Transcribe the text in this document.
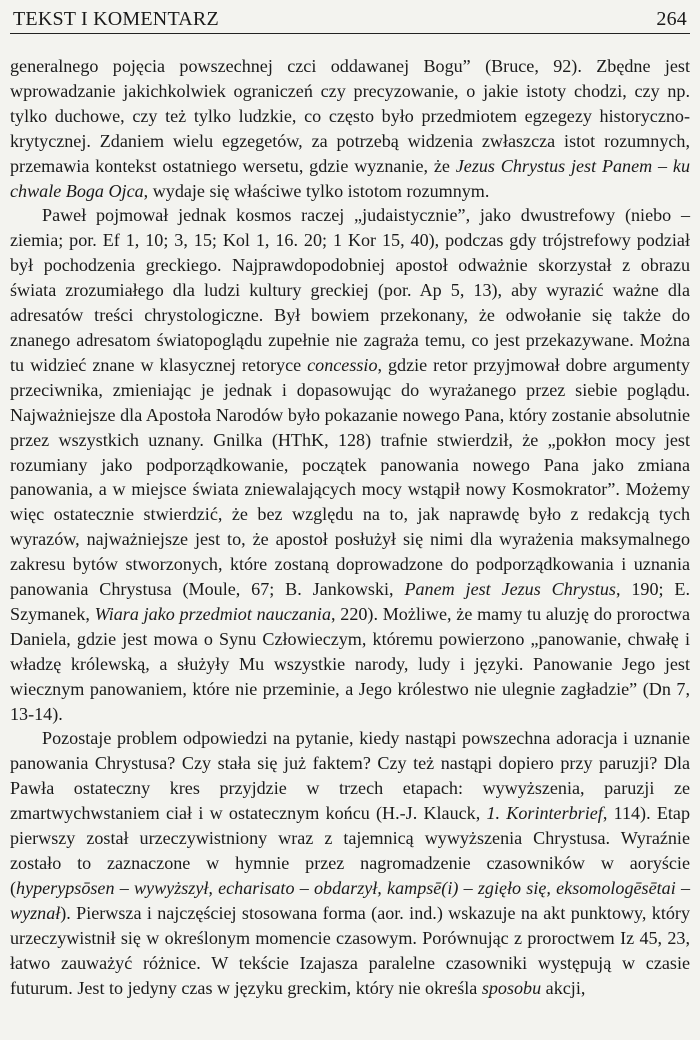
TEKST I KOMENTARZ	264

generalnego pojęcia powszechnej czci oddawanej Bogu” (Bruce, 92). Zbędne jest wprowadzanie jakichkolwiek ograniczeń czy precyzowanie, o jakie istoty chodzi, czy np. tylko duchowe, czy też tylko ludzkie, co często było przedmiotem egzegezy historyczno-krytycznej. Zdaniem wielu egzegetów, za potrzebą widzenia zwłaszcza istot rozumnych, przemawia kontekst ostatniego wersetu, gdzie wyznanie, że Jezus Chrystus jest Panem – ku chwale Boga Ojca, wydaje się właściwe tylko istotom rozumnym.

Paweł pojmował jednak kosmos raczej „judaistycznie”, jako dwustrefowy (niebo – ziemia; por. Ef 1, 10; 3, 15; Kol 1, 16. 20; 1 Kor 15, 40), podczas gdy trójstrefowy podział był pochodzenia greckiego. Najprawdopodobniej apostoł odważnie skorzystał z obrazu świata zrozumiałego dla ludzi kultury greckiej (por. Ap 5, 13), aby wyrazić ważne dla adresatów treści chrystologiczne. Był bowiem przekonany, że odwołanie się także do znanego adresatom światopoglądu zupełnie nie zagraża temu, co jest przekazywane. Można tu widzieć znane w klasycznej retoryce concessio, gdzie retor przyjmował dobre argumenty przeciwnika, zmieniając je jednak i dopasowując do wyrażanego przez siebie poglądu. Najważniejsze dla Apostoła Narodów było pokazanie nowego Pana, który zostanie absolutnie przez wszystkich uznany. Gnilka (HThK, 128) trafnie stwierdził, że „pokłon mocy jest rozumiany jako podporządkowanie, początek panowania nowego Pana jako zmiana panowania, a w miejsce świata zniewalających mocy wstąpił nowy Kosmokrator”. Możemy więc ostatecznie stwierdzić, że bez względu na to, jak naprawdę było z redakcją tych wyrazów, najważniejsze jest to, że apostoł posłużył się nimi dla wyrażenia maksymalnego zakresu bytów stworzonych, które zostaną doprowadzone do podporządkowania i uznania panowania Chrystusa (Moule, 67; B. Jankowski, Panem jest Jezus Chrystus, 190; E. Szymanek, Wiara jako przedmiot nauczania, 220). Możliwe, że mamy tu aluzję do proroctwa Daniela, gdzie jest mowa o Synu Człowieczym, któremu powierzono „panowanie, chwałę i władzę królewską, a służyły Mu wszystkie narody, ludy i języki. Panowanie Jego jest wiecznym panowaniem, które nie przeminie, a Jego królestwo nie ulegnie zagładzie” (Dn 7, 13-14).

Pozostaje problem odpowiedzi na pytanie, kiedy nastąpi powszechna adoracja i uznanie panowania Chrystusa? Czy stała się już faktem? Czy też nastąpi dopiero przy paruzji? Dla Pawła ostateczny kres przyjdzie w trzech etapach: wywyższenia, paruzji ze zmartwychwstaniem ciał i w ostatecznym końcu (H.-J. Klauck, 1. Korinterbrief, 114). Etap pierwszy został urzeczywistniony wraz z tajemnicą wywyższenia Chrystusa. Wyraźnie zostało to zaznaczone w hymnie przez nagromadzenie czasowników w aoryście (hyperypsōsen – wywyższył, echarisato – obdarzył, kampsē(i) – zgięło się, eksomologēsētai – wyznał). Pierwsza i najczęściej stosowana forma (aor. ind.) wskazuje na akt punktowy, który urzeczywistnił się w określonym momencie czasowym. Porównując z proroctwem Iz 45, 23, łatwo zauważyć różnice. W tekście Izajasza paralelne czasowniki występują w czasie futurum. Jest to jedyny czas w języku greckim, który nie określa sposobu akcji,
